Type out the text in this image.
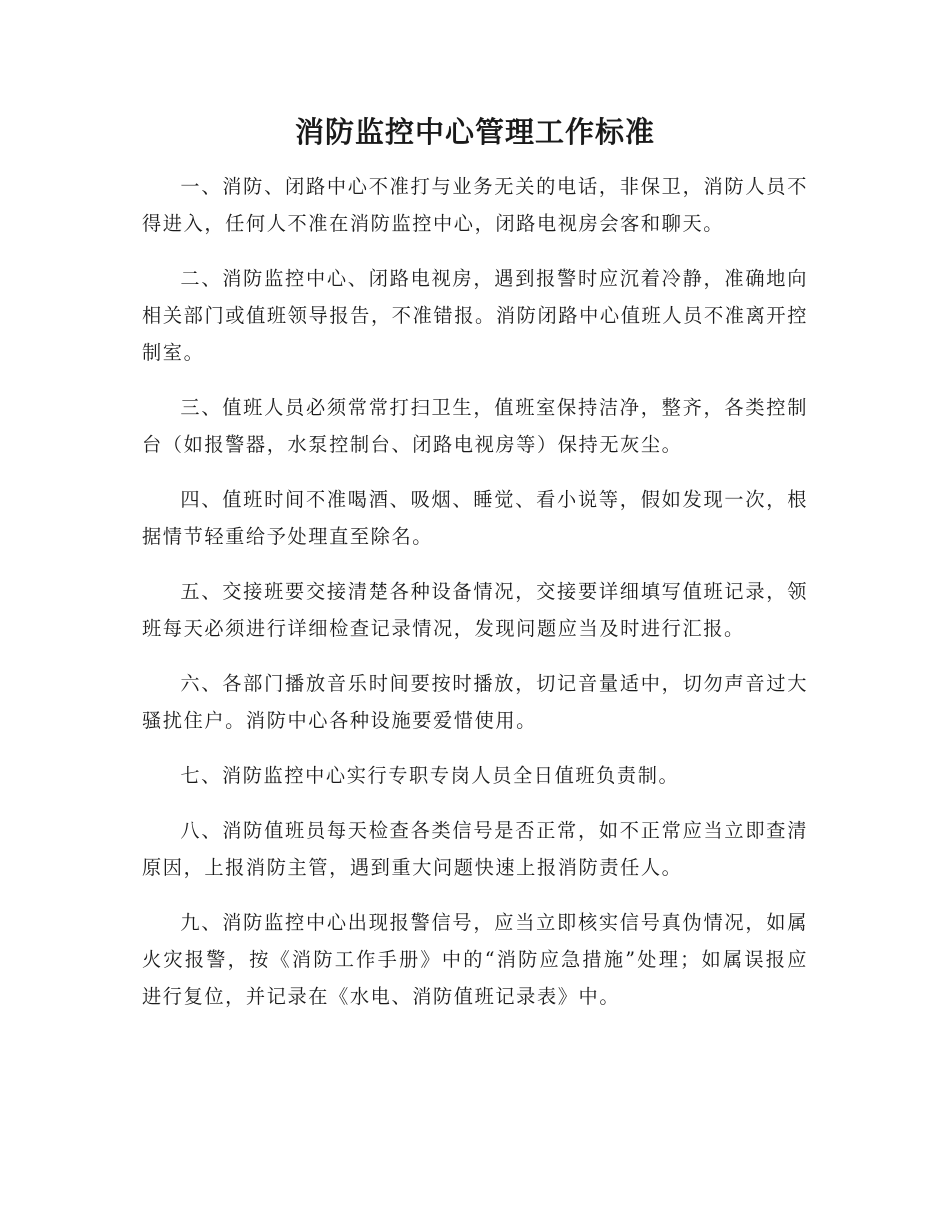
消防监控中心管理工作标准

一、消防、闭路中心不准打与业务无关的电话，非保卫，消防人员不得进入，任何人不准在消防监控中心，闭路电视房会客和聊天。

二、消防监控中心、闭路电视房，遇到报警时应沉着冷静，准确地向相关部门或值班领导报告，不准错报。消防闭路中心值班人员不准离开控制室。

三、值班人员必须常常打扫卫生，值班室保持洁净，整齐，各类控制台（如报警器，水泵控制台、闭路电视房等）保持无灰尘。

四、值班时间不准喝酒、吸烟、睡觉、看小说等，假如发现一次，根据情节轻重给予处理直至除名。

五、交接班要交接清楚各种设备情况，交接要详细填写值班记录，领班每天必须进行详细检查记录情况，发现问题应当及时进行汇报。

六、各部门播放音乐时间要按时播放，切记音量适中，切勿声音过大骚扰住户。消防中心各种设施要爱惜使用。

七、消防监控中心实行专职专岗人员全日值班负责制。

八、消防值班员每天检查各类信号是否正常，如不正常应当立即查清原因，上报消防主管，遇到重大问题快速上报消防责任人。

九、消防监控中心出现报警信号，应当立即核实信号真伪情况，如属火灾报警，按《消防工作手册》中的“消防应急措施”处理；如属误报应进行复位，并记录在《水电、消防值班记录表》中。
